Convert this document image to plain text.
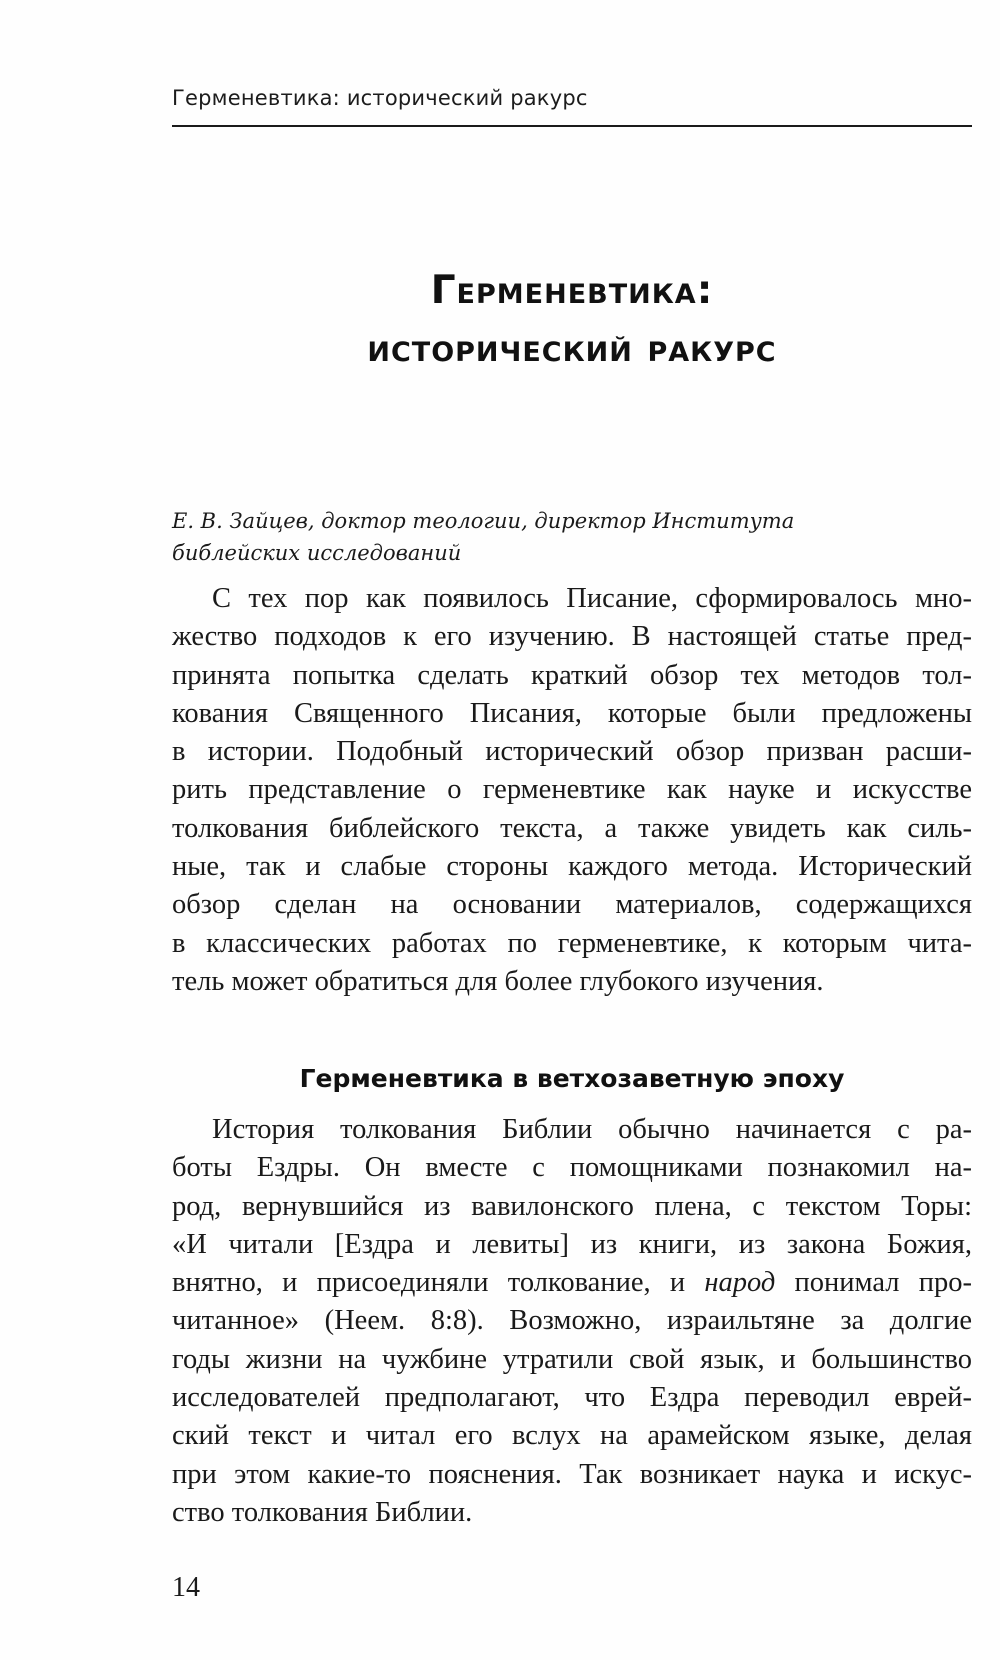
Герменевтика: исторический ракурс
Герменевтика:
исторический ракурс
Е. В. Зайцев, доктор теологии, директор Института
библейских исследований
С тех пор как появилось Писание, сформировалось мно-
жество подходов к его изучению. В настоящей статье пред-
принята попытка сделать краткий обзор тех методов тол-
кования Священного Писания, которые были предложены
в истории. Подобный исторический обзор призван расши-
рить представление о герменевтике как науке и искусстве
толкования библейского текста, а также увидеть как силь-
ные, так и слабые стороны каждого метода. Исторический
обзор сделан на основании материалов, содержащихся
в классических работах по герменевтике, к которым чита-
тель может обратиться для более глубокого изучения.
Герменевтика в ветхозаветную эпоху
История толкования Библии обычно начинается с ра-
боты Ездры. Он вместе с помощниками познакомил на-
род, вернувшийся из вавилонского плена, с текстом Торы:
«И читали [Ездра и левиты] из книги, из закона Божия,
внятно, и присоединяли толкование, и народ понимал про-
читанное» (Неем. 8:8). Возможно, израильтяне за долгие
годы жизни на чужбине утратили свой язык, и большинство
исследователей предполагают, что Ездра переводил еврей-
ский текст и читал его вслух на арамейском языке, делая
при этом какие-то пояснения. Так возникает наука и искус-
ство толкования Библии.
14
